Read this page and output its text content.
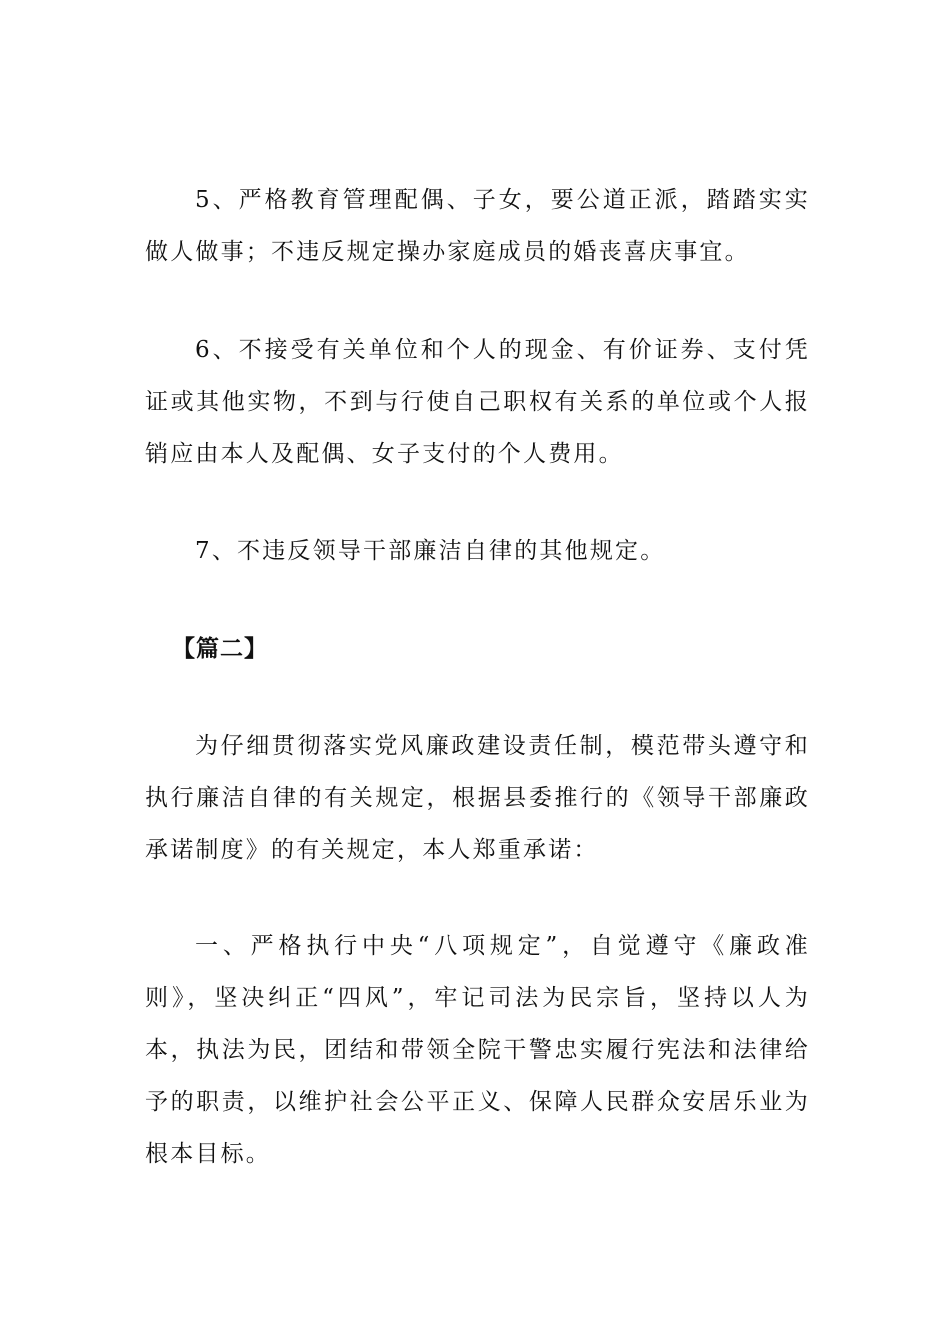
5、严格教育管理配偶、子女，要公道正派，踏踏实实做人做事；不违反规定操办家庭成员的婚丧喜庆事宜。

6、不接受有关单位和个人的现金、有价证券、支付凭证或其他实物，不到与行使自己职权有关系的单位或个人报销应由本人及配偶、女子支付的个人费用。

7、不违反领导干部廉洁自律的其他规定。

【篇二】

为仔细贯彻落实党风廉政建设责任制，模范带头遵守和执行廉洁自律的有关规定，根据县委推行的《领导干部廉政承诺制度》的有关规定，本人郑重承诺：

一、严格执行中央“八项规定”，自觉遵守《廉政准则》，坚决纠正“四风”，牢记司法为民宗旨，坚持以人为本，执法为民，团结和带领全院干警忠实履行宪法和法律给予的职责，以维护社会公平正义、保障人民群众安居乐业为根本目标。
